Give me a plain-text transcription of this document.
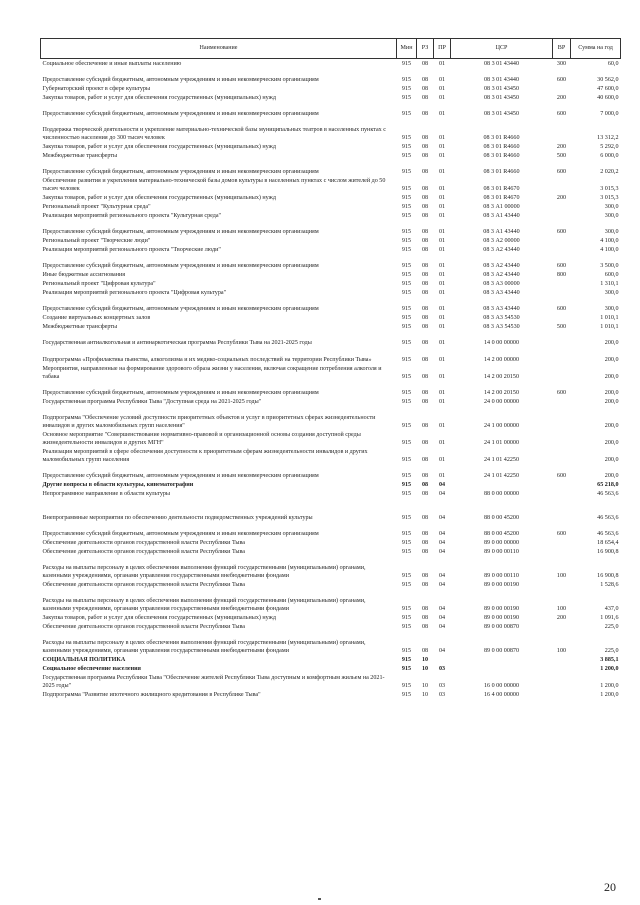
Наименование	Мин	РЗ	ПР	ЦСР	ВР	Сумма на год
Социальное обеспечение и иные выплаты населению	915	08	01	08 3 01 43440	300	60,0
Предоставление субсидий бюджетным, автономным учреждениям и иным некоммерческим организациям	915	08	01	08 3 01 43440	600	30 562,0
Губернаторский проект в сфере культуры	915	08	01	08 3 01 43450		47 600,0
Закупка товаров, работ и услуг для обеспечения государственных (муниципальных) нужд	915	08	01	08 3 01 43450	200	40 600,0
Предоставление субсидий бюджетным, автономным учреждениям и иным некоммерческим организациям	915	08	01	08 3 01 43450	600	7 000,0
Поддержка творческой деятельности и укрепление материально-технической базы муниципальных театров в населенных пунктах с численностью населения до 300 тысяч человек	915	08	01	08 3 01 R4660		13 312,2
Закупка товаров, работ и услуг для обеспечения государственных (муниципальных) нужд	915	08	01	08 3 01 R4660	200	5 292,0
Межбюджетные трансферты	915	08	01	08 3 01 R4660	500	6 000,0
Предоставление субсидий бюджетным, автономным учреждениям и иным некоммерческим организациям	915	08	01	08 3 01 R4660	600	2 020,2
Обеспечение развития и укрепления материально-технической базы домов культуры в населенных пунктах с числом жителей до 50 тысяч человек	915	08	01	08 3 01 R4670		3 015,3
Закупка товаров, работ и услуг для обеспечения государственных (муниципальных) нужд	915	08	01	08 3 01 R4670	200	3 015,3
Региональный проект "Культурная среда"	915	08	01	08 3 А1 00000		300,0
Реализация мероприятий регионального проекта "Культурная среда"	915	08	01	08 3 А1 43440		300,0
Предоставление субсидий бюджетным, автономным учреждениям и иным некоммерческим организациям	915	08	01	08 3 А1 43440	600	300,0
Региональный проект "Творческие люди"	915	08	01	08 3 А2 00000		4 100,0
Реализация мероприятий регионального проекта "Творческие люди"	915	08	01	08 3 А2 43440		4 100,0
Предоставление субсидий бюджетным, автономным учреждениям и иным некоммерческим организациям	915	08	01	08 3 А2 43440	600	3 500,0
Иные бюджетные ассигнования	915	08	01	08 3 А2 43440	800	600,0
Региональный проект "Цифровая культура"	915	08	01	08 3 А3 00000		1 310,1
Реализация мероприятий регионального проекта "Цифровая культура"	915	08	01	08 3 А3 43440		300,0
Предоставление субсидий бюджетным, автономным учреждениям и иным некоммерческим организациям	915	08	01	08 3 А3 43440	600	300,0
Создание виртуальных концертных залов	915	08	01	08 3 А3 54530		1 010,1
Межбюджетные трансферты	915	08	01	08 3 А3 54530	500	1 010,1
Государственная антиалкогольная и антинаркотическая программа Республики Тыва на 2021-2025 годы	915	08	01	14 0 00 00000		200,0
Подпрограмма «Профилактика пьянства, алкоголизма и их медико-социальных последствий на территории Республики Тыва»	915	08	01	14 2 00 00000		200,0
Мероприятия, направленные на формирование здорового образа жизни у населения, включая сокращение потребления алкоголя и табака	915	08	01	14 2 00 20150		200,0
Предоставление субсидий бюджетным, автономным учреждениям и иным некоммерческим организациям	915	08	01	14 2 00 20150	600	200,0
Государственная программа Республики Тыва "Доступная среда на 2021-2025 годы"	915	08	01	24 0 00 00000		200,0
Подпрограмма "Обеспечение условий доступности приоритетных объектов и услуг в приоритетных сферах жизнедеятельности инвалидов и других маломобильных групп населения"	915	08	01	24 1 00 00000		200,0
Основное мероприятие "Совершенствование нормативно-правовой и организационной основы создания доступной среды жизнедеятельности инвалидов и других МГН"	915	08	01	24 1 01 00000		200,0
Реализация мероприятий в сфере обеспечения доступности к приоритетным сферам жизнедеятельности инвалидов и других маломобильных групп населения	915	08	01	24 1 01 42250		200,0
Предоставление субсидий бюджетным, автономным учреждениям и иным некоммерческим организациям	915	08	01	24 1 01 42250	600	200,0
Другие вопросы в области культуры, кинематографии	915	08	04			65 218,0
Непрограммное направление в области культуры	915	08	04	88 0 00 00000		46 563,6
Внепрограммные мероприятия по обеспечению деятельности подведомственных учреждений культуры	915	08	04	88 0 00 45200		46 563,6
Предоставление субсидий бюджетным, автономным учреждениям и иным некоммерческим организациям	915	08	04	88 0 00 45200	600	46 563,6
Обеспечение деятельности органов государственной власти Республики Тыва	915	08	04	89 0 00 00000		18 654,4
Обеспечение деятельности органов государственной власти Республики Тыва	915	08	04	89 0 00 00110		16 900,8
Расходы на выплаты персоналу в целях обеспечения выполнения функций государственными (муниципальными) органами, казенными учреждениями, органами управления государственными внебюджетными фондами	915	08	04	89 0 00 00110	100	16 900,8
Обеспечение деятельности органов государственной власти Республики Тыва	915	08	04	89 0 00 00190		1 528,6
Расходы на выплаты персоналу в целях обеспечения выполнения функций государственными (муниципальными) органами, казенными учреждениями, органами управления государственными внебюджетными фондами	915	08	04	89 0 00 00190	100	437,0
Закупка товаров, работ и услуг для обеспечения государственных (муниципальных) нужд	915	08	04	89 0 00 00190	200	1 091,6
Обеспечение деятельности органов государственной власти Республики Тыва	915	08	04	89 0 00 00870		225,0
Расходы на выплаты персоналу в целях обеспечения выполнения функций государственными (муниципальными) органами, казенными учреждениями, органами управления государственными внебюджетными фондами	915	08	04	89 0 00 00870	100	225,0
СОЦИАЛЬНАЯ ПОЛИТИКА	915	10				3 885,1
Социальное обеспечение населения	915	10	03			1 200,0
Государственная программа Республики Тыва "Обеспечение жителей Республики Тыва доступным и комфортным жильем на 2021-2025 годы"	915	10	03	16 0 00 00000		1 200,0
Подпрограмма "Развитие ипотечного жилищного кредитования в Республике Тыва"	915	10	03	16 4 00 00000		1 200,0
20
